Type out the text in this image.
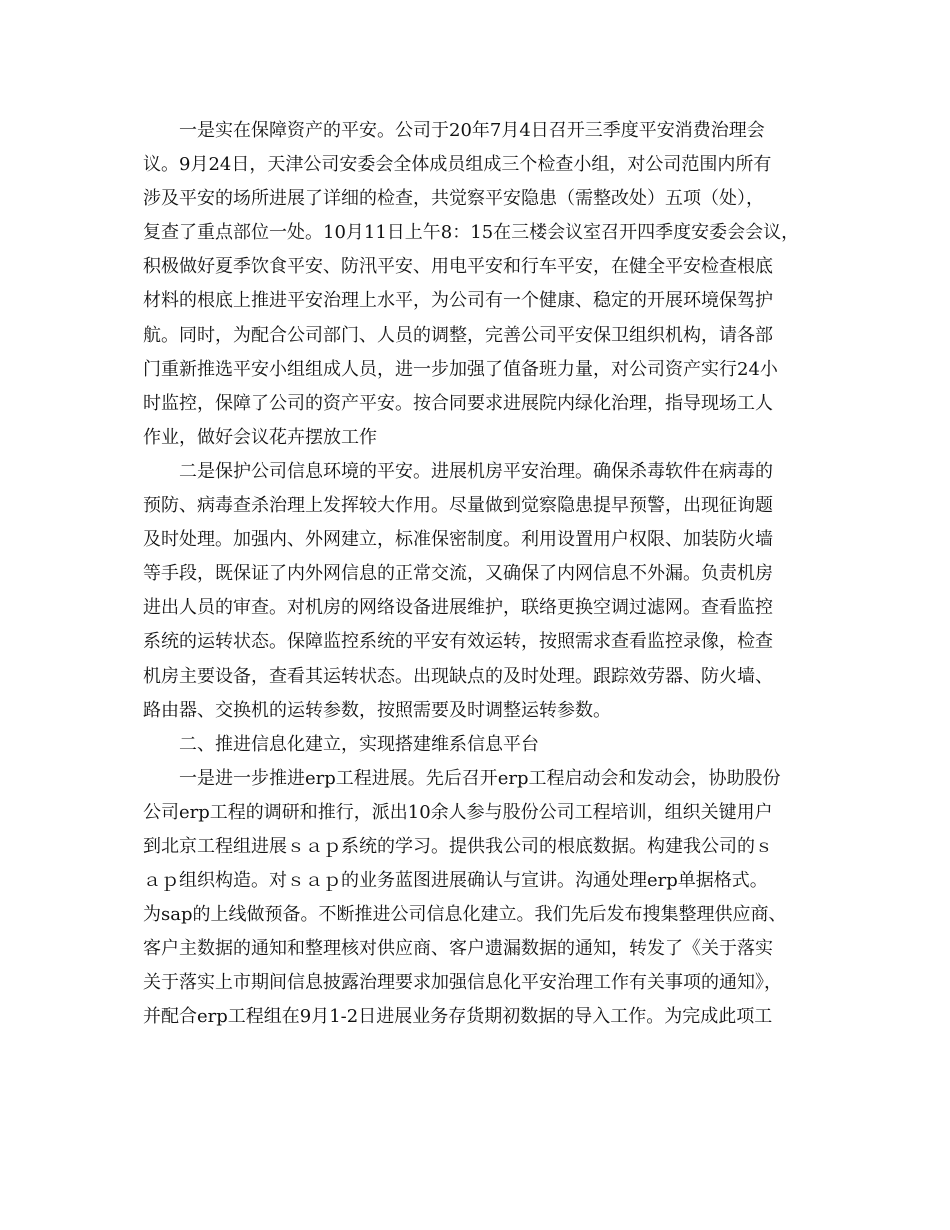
一是实在保障资产的平安。公司于20年7月4日召开三季度平安消费治理会
议。9月24日，天津公司安委会全体成员组成三个检查小组，对公司范围内所有
涉及平安的场所进展了详细的检查，共觉察平安隐患（需整改处）五项（处），
复查了重点部位一处。10月11日上午8：15在三楼会议室召开四季度安委会会议，
积极做好夏季饮食平安、防汛平安、用电平安和行车平安，在健全平安检查根底
材料的根底上推进平安治理上水平，为公司有一个健康、稳定的开展环境保驾护
航。同时，为配合公司部门、人员的调整，完善公司平安保卫组织机构，请各部
门重新推选平安小组组成人员，进一步加强了值备班力量，对公司资产实行24小
时监控，保障了公司的资产平安。按合同要求进展院内绿化治理，指导现场工人
作业，做好会议花卉摆放工作
二是保护公司信息环境的平安。进展机房平安治理。确保杀毒软件在病毒的
预防、病毒查杀治理上发挥较大作用。尽量做到觉察隐患提早预警，出现征询题
及时处理。加强内、外网建立，标准保密制度。利用设置用户权限、加装防火墙
等手段，既保证了内外网信息的正常交流，又确保了内网信息不外漏。负责机房
进出人员的审查。对机房的网络设备进展维护，联络更换空调过滤网。查看监控
系统的运转状态。保障监控系统的平安有效运转，按照需求查看监控录像，检查
机房主要设备，查看其运转状态。出现缺点的及时处理。跟踪效劳器、防火墙、
路由器、交换机的运转参数，按照需要及时调整运转参数。
二、推进信息化建立，实现搭建维系信息平台
一是进一步推进erp工程进展。先后召开erp工程启动会和发动会，协助股份
公司erp工程的调研和推行，派出10余人参与股份公司工程培训，组织关键用户
到北京工程组进展ｓａｐ系统的学习。提供我公司的根底数据。构建我公司的ｓ
ａｐ组织构造。对ｓａｐ的业务蓝图进展确认与宣讲。沟通处理erp单据格式。
为sap的上线做预备。不断推进公司信息化建立。我们先后发布搜集整理供应商、
客户主数据的通知和整理核对供应商、客户遗漏数据的通知，转发了《关于落实
关于落实上市期间信息披露治理要求加强信息化平安治理工作有关事项的通知》，
并配合erp工程组在9月1-2日进展业务存货期初数据的导入工作。为完成此项工
